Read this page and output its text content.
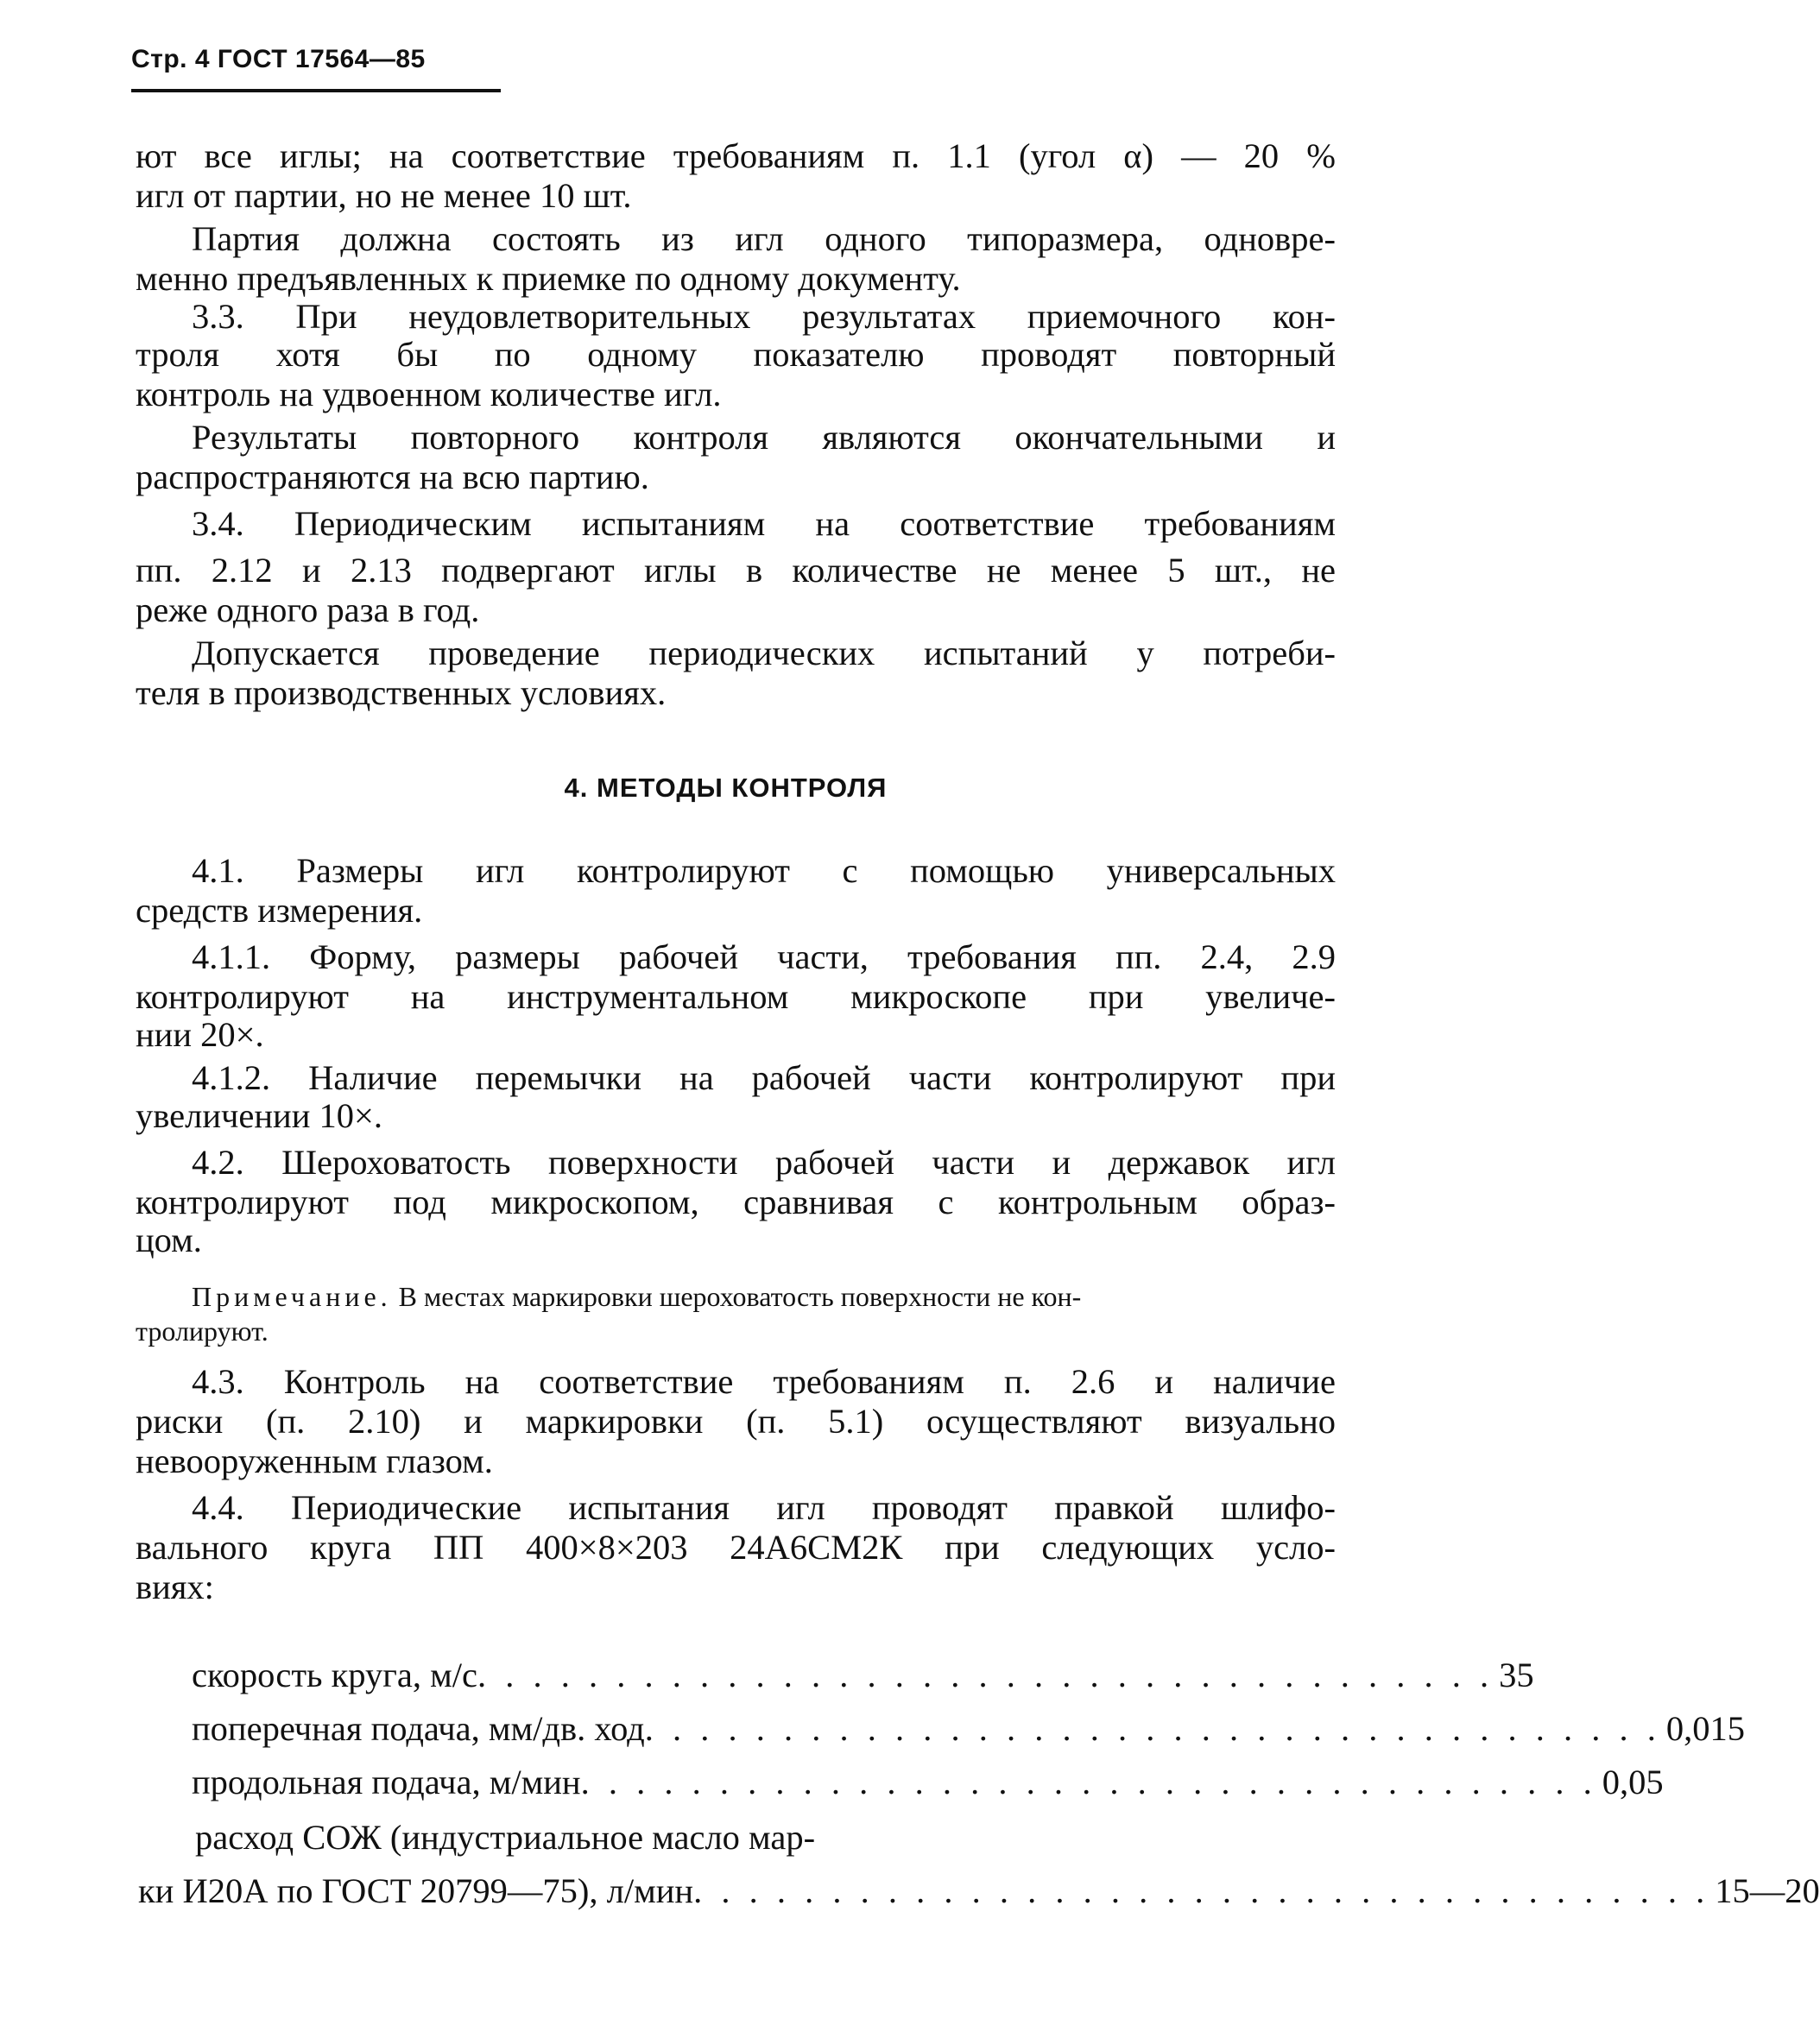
Стр. 4 ГОСТ 17564—85
ют все иглы; на соответствие требованиям п. 1.1 (угол α) — 20 %
игл от партии, но не менее 10 шт.
Партия должна состоять из игл одного типоразмера, одновре-
менно предъявленных к приемке по одному документу.
3.3. При неудовлетворительных результатах приемочного кон-
троля хотя бы по одному показателю проводят повторный
контроль на удвоенном количестве игл.
Результаты повторного контроля являются окончательными и
распространяются на всю партию.
3.4. Периодическим испытаниям на соответствие требованиям
пп. 2.12 и 2.13 подвергают иглы в количестве не менее 5 шт., не
реже одного раза в год.
Допускается проведение периодических испытаний у потреби-
теля в производственных условиях.
4. МЕТОДЫ КОНТРОЛЯ
4.1. Размеры игл контролируют с помощью универсальных
средств измерения.
4.1.1. Форму, размеры рабочей части, требования пп. 2.4, 2.9
контролируют на инструментальном микроскопе при увеличе-
нии 20×.
4.1.2. Наличие перемычки на рабочей части контролируют при
увеличении 10×.
4.2. Шероховатость поверхности рабочей части и державок игл
контролируют под микроскопом, сравнивая с контрольным образ-
цом.
Примечание. В местах маркировки шероховатость поверхности не кон-
тролируют.
4.3. Контроль на соответствие требованиям п. 2.6 и наличие
риски (п. 2.10) и маркировки (п. 5.1) осуществляют визуально
невооруженным глазом.
4.4. Периодические испытания игл проводят правкой шлифо-
вального круга ПП 400×8×203 24А6СМ2К при следующих усло-
виях:
скорость круга, м/с . . . . . . . . . . . . . . . . . . . . . . . . . . . . . . . . . . . . . 35
поперечная подача, мм/дв. ход . . . . . . . . . . . . . . . . . . . . . . . . . . . . . . . . . . . . . 0,015
продольная подача, м/мин . . . . . . . . . . . . . . . . . . . . . . . . . . . . . . . . . . . . . 0,05
расход СОЖ (индустриальное масло мар-
ки И20А по ГОСТ 20799—75), л/мин . . . . . . . . . . . . . . . . . . . . . . . . . . . . . . . . . . . . . 15—20
